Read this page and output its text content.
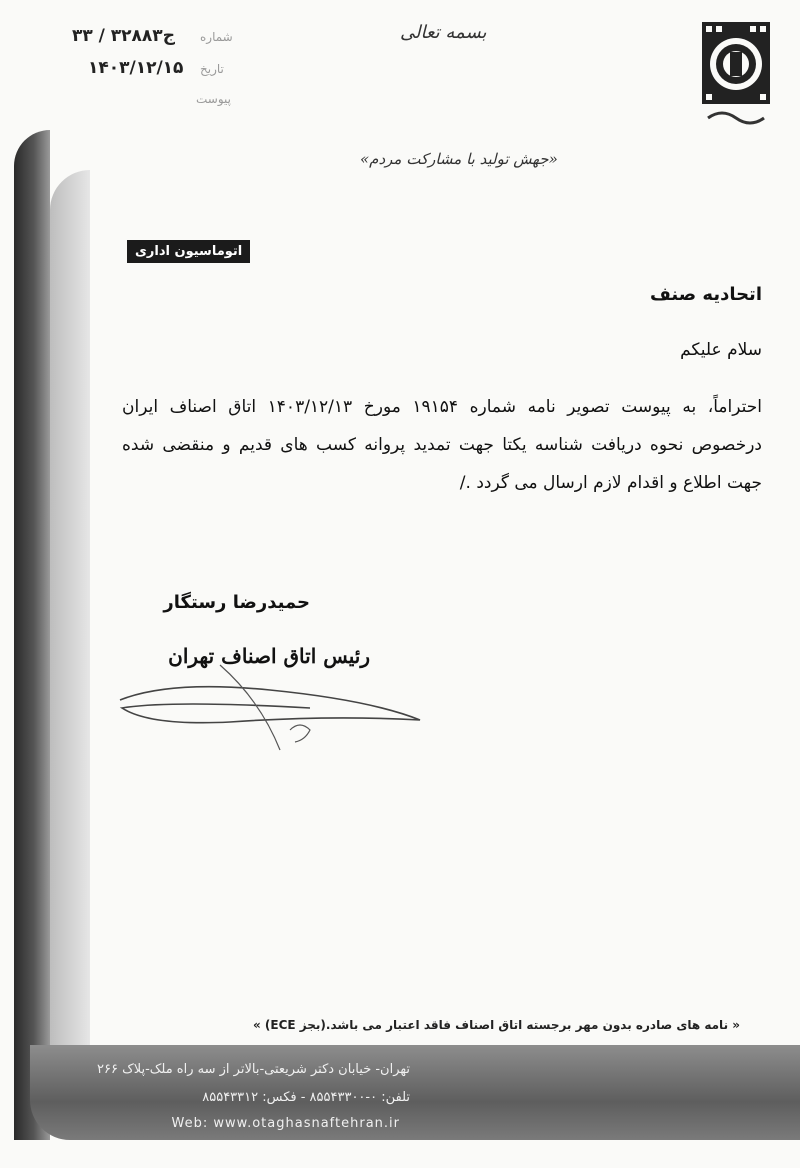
بسمه تعالی
شماره
۳۳ / ۳۲۸۸۳ج
تاریخ
۱۴۰۳/۱۲/۱۵
پیوست
«جهش تولید با مشارکت مردم»
اتوماسیون اداری
اتحادیه صنف
سلام علیکم
احتراماً، به پیوست تصویر نامه شماره ۱۹۱۵۴ مورخ ۱۴۰۳/۱۲/۱۳ اتاق اصناف ایران درخصوص نحوه دریافت شناسه یکتا جهت تمدید پروانه کسب های قدیم و منقضی شده جهت اطلاع و اقدام لازم ارسال می گردد ./
حمیدرضا رستگار
رئیس اتاق اصناف تهران
« نامه های صادره بدون مهر برجسته اتاق اصناف فاقد اعتبار می باشد.(بجز ECE) »
تهران- خیابان دکتر شریعتی-بالاتر از سه راه ملک-پلاک ۲۶۶
تلفن: ۰-۸۵۵۴۳۳۰۰ - فکس: ۸۵۵۴۳۳۱۲
Web: www.otaghasnaftehran.ir
